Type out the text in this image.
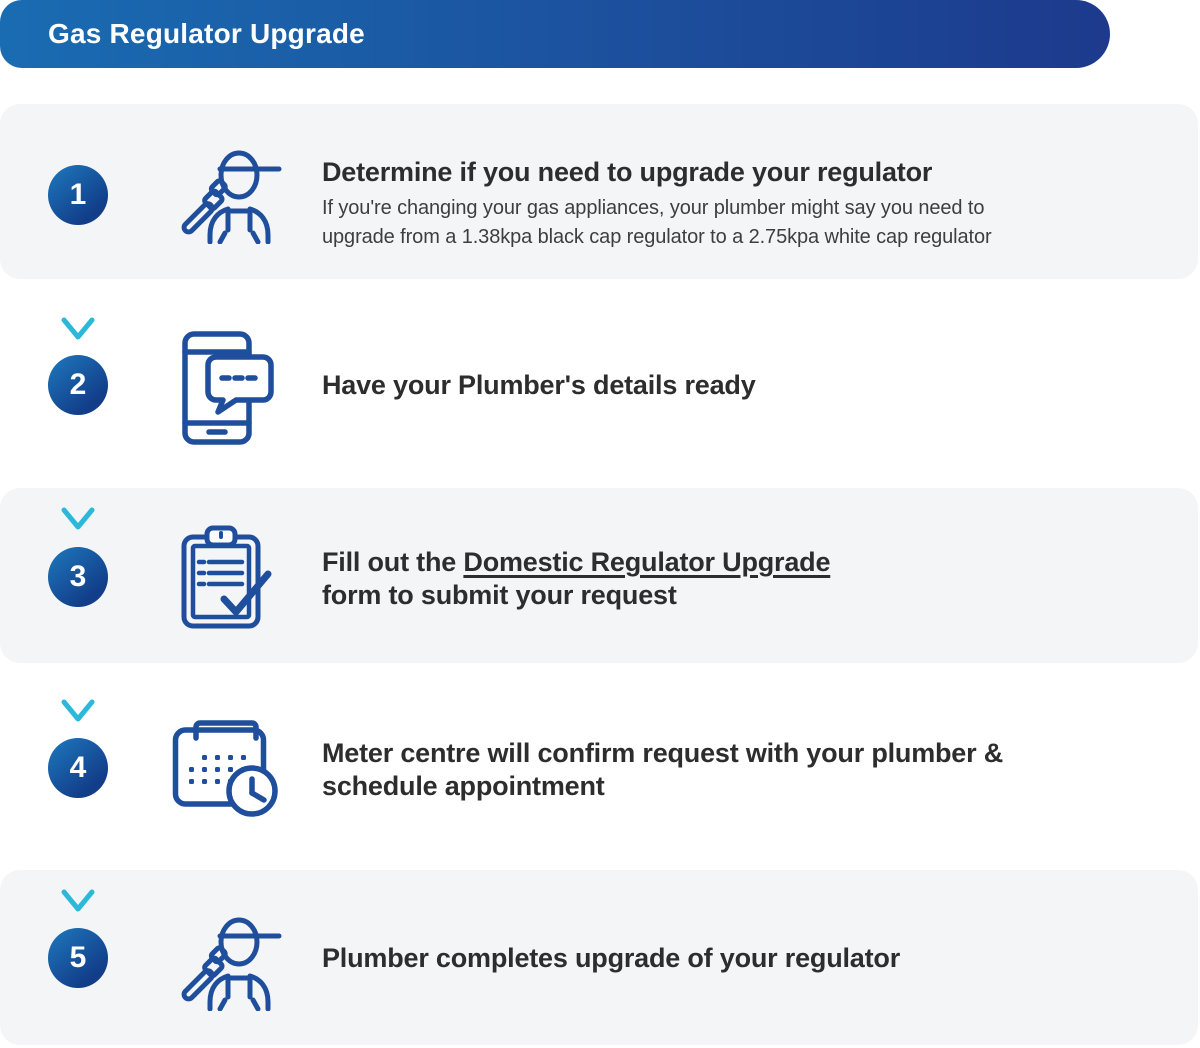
Gas Regulator Upgrade
1
2
3
4
5
Determine if you need to upgrade your regulator
If you're changing your gas appliances, your plumber might say you need to
upgrade from a 1.38kpa black cap regulator to a 2.75kpa white cap regulator
Have your Plumber's details ready
Fill out the Domestic Regulator Upgrade
form to submit your request
Meter centre will confirm request with your plumber &
schedule appointment
Plumber completes upgrade of your regulator
